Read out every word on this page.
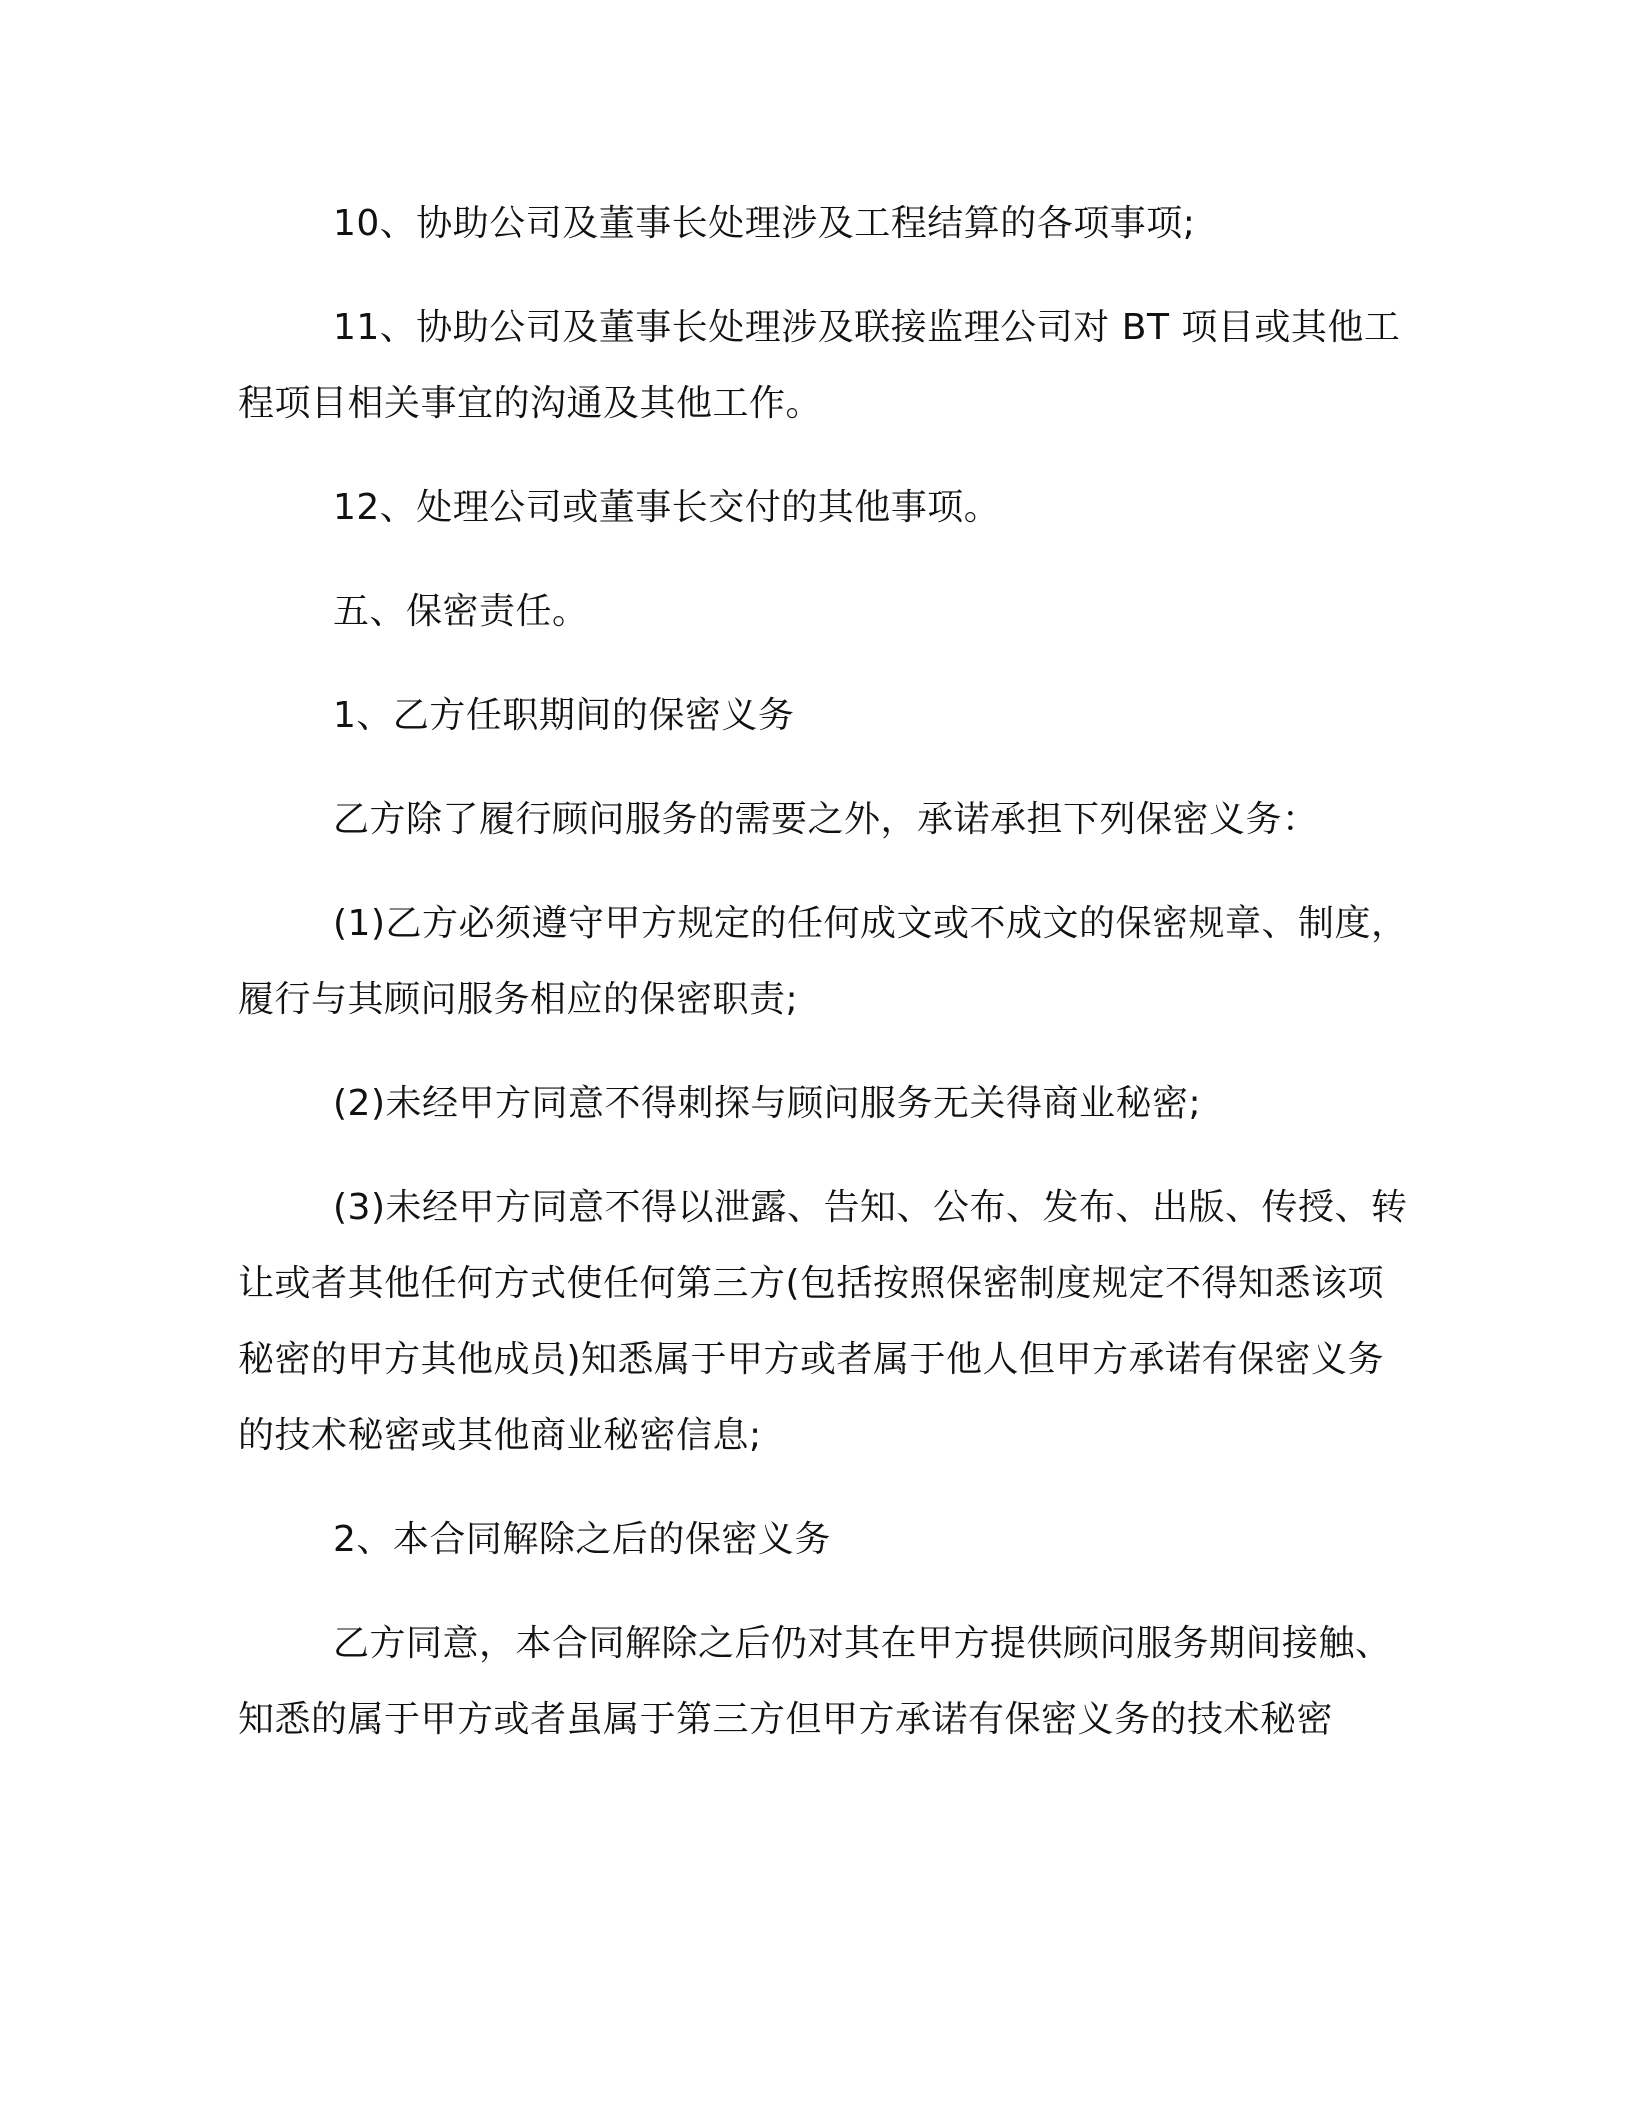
10、协助公司及董事长处理涉及工程结算的各项事项;

11、协助公司及董事长处理涉及联接监理公司对 BT 项目或其他工程项目相关事宜的沟通及其他工作。

12、处理公司或董事长交付的其他事项。

五、保密责任。

1、乙方任职期间的保密义务

乙方除了履行顾问服务的需要之外，承诺承担下列保密义务：

(1)乙方必须遵守甲方规定的任何成文或不成文的保密规章、制度，履行与其顾问服务相应的保密职责;

(2)未经甲方同意不得刺探与顾问服务无关得商业秘密;

(3)未经甲方同意不得以泄露、告知、公布、发布、出版、传授、转让或者其他任何方式使任何第三方(包括按照保密制度规定不得知悉该项秘密的甲方其他成员)知悉属于甲方或者属于他人但甲方承诺有保密义务的技术秘密或其他商业秘密信息;

2、本合同解除之后的保密义务

乙方同意，本合同解除之后仍对其在甲方提供顾问服务期间接触、知悉的属于甲方或者虽属于第三方但甲方承诺有保密义务的技术秘密
